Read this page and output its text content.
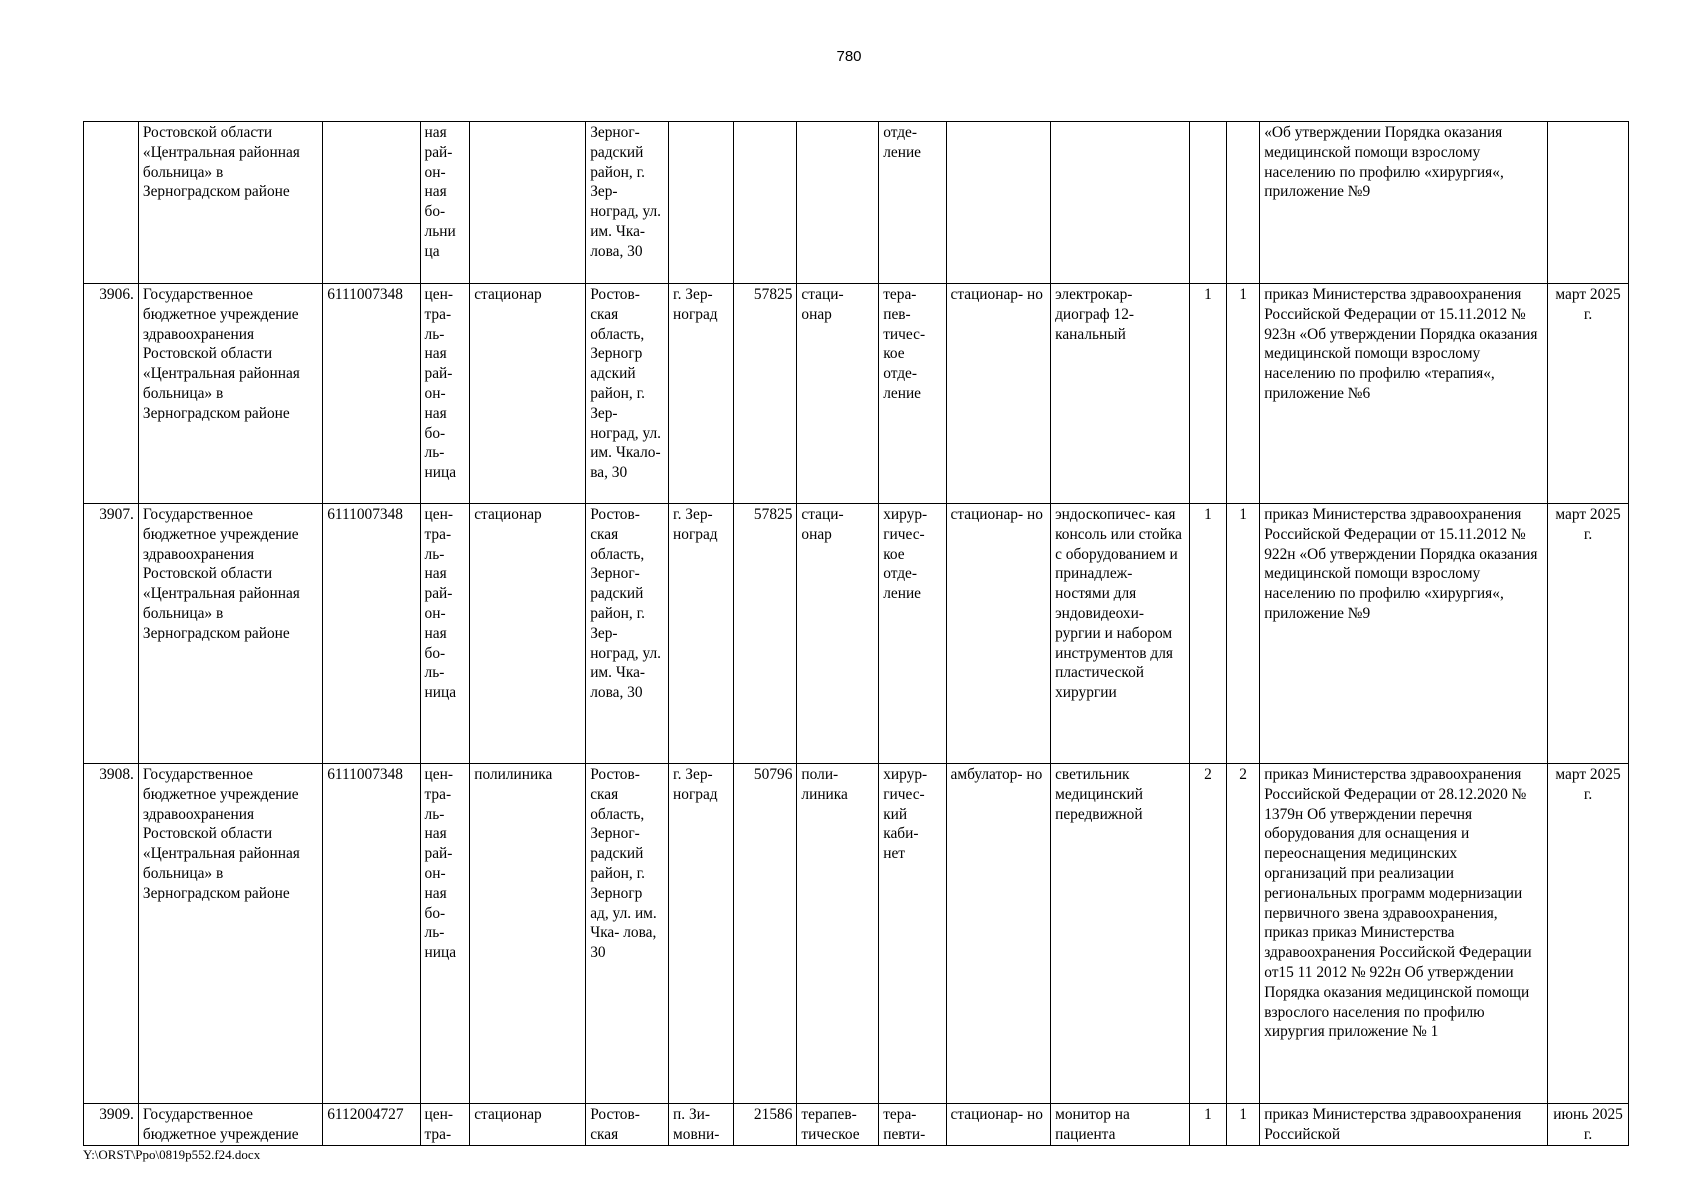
780
	Ростовской области «Центральная районная больница» в Зерноградском районе		ная рай- он- ная бо- льни ца		Зерног- радский район, г. Зер- ноград, ул. им. Чка- лова, 30				отде- ление					«Об утверждении Порядка оказания медицинской помощи взрослому населению по профилю «хирургия«, приложение №9	
3906.	Государственное бюджетное учреждение здравоохранения Ростовской области «Центральная районная больница» в Зерноградском районе	6111007348	цен- тра- ль- ная рай- он- ная бо- ль- ница	стационар	Ростов- ская область, Зерногр адский район, г. Зер- ноград, ул. им. Чкало- ва, 30	г. Зер- ноград	57825	стаци- онар	тера- пев- тичес- кое отде- ление	стационар- но	электрокар- диограф 12- канальный	1	1	приказ Министерства здравоохранения Российской Федерации от 15.11.2012 № 923н «Об утверждении Порядка оказания медицинской помощи взрослому населению по профилю «терапия«, приложение №6	март 2025 г.
3907.	Государственное бюджетное учреждение здравоохранения Ростовской области «Центральная районная больница» в Зерноградском районе	6111007348	цен- тра- ль- ная рай- он- ная бо- ль- ница	стационар	Ростов- ская область, Зерног- радский район, г. Зер- ноград, ул. им. Чка- лова, 30	г. Зер- ноград	57825	стаци- онар	хирур- гичес- кое отде- ление	стационар- но	эндоскопичес- кая консоль или стойка с оборудованием и принадлеж- ностями для эндовидеохи- рургии и набором инструментов для пластической хирургии	1	1	приказ Министерства здравоохранения Российской Федерации от 15.11.2012 № 922н «Об утверждении Порядка оказания медицинской помощи взрослому населению по профилю «хирургия«, приложение №9	март 2025 г.
3908.	Государственное бюджетное учреждение здравоохранения Ростовской области «Центральная районная больница» в Зерноградском районе	6111007348	цен- тра- ль- ная рай- он- ная бо- ль- ница	полилиника	Ростов- ская область, Зерног- радский район, г. Зерногр ад, ул. им. Чка- лова, 30	г. Зер- ноград	50796	поли- линика	хирур- гичес- кий каби- нет	амбулатор- но	светильник медицинский передвижной	2	2	приказ Министерства здравоохранения Российской Федерации от 28.12.2020 № 1379н Об утверждении перечня оборудования для оснащения и переоснащения медицинских организаций при реализации региональных программ модернизации первичного звена здравоохранения, приказ приказ Министерства здравоохранения Российской Федерации от15 11 2012 № 922н Об утверждении Порядка оказания медицинской помощи взрослого населения по профилю хирургия приложение № 1	март 2025 г.
3909.	Государственное бюджетное учреждение	6112004727	цен- тра-	стационар	Ростов- ская	п. Зи- мовни-	21586	терапев- тическое	тера- певти-	стационар- но	монитор на пациента	1	1	приказ Министерства здравоохранения Российской	июнь 2025 г.
Y:\ORST\Ppo\0819p552.f24.docx
